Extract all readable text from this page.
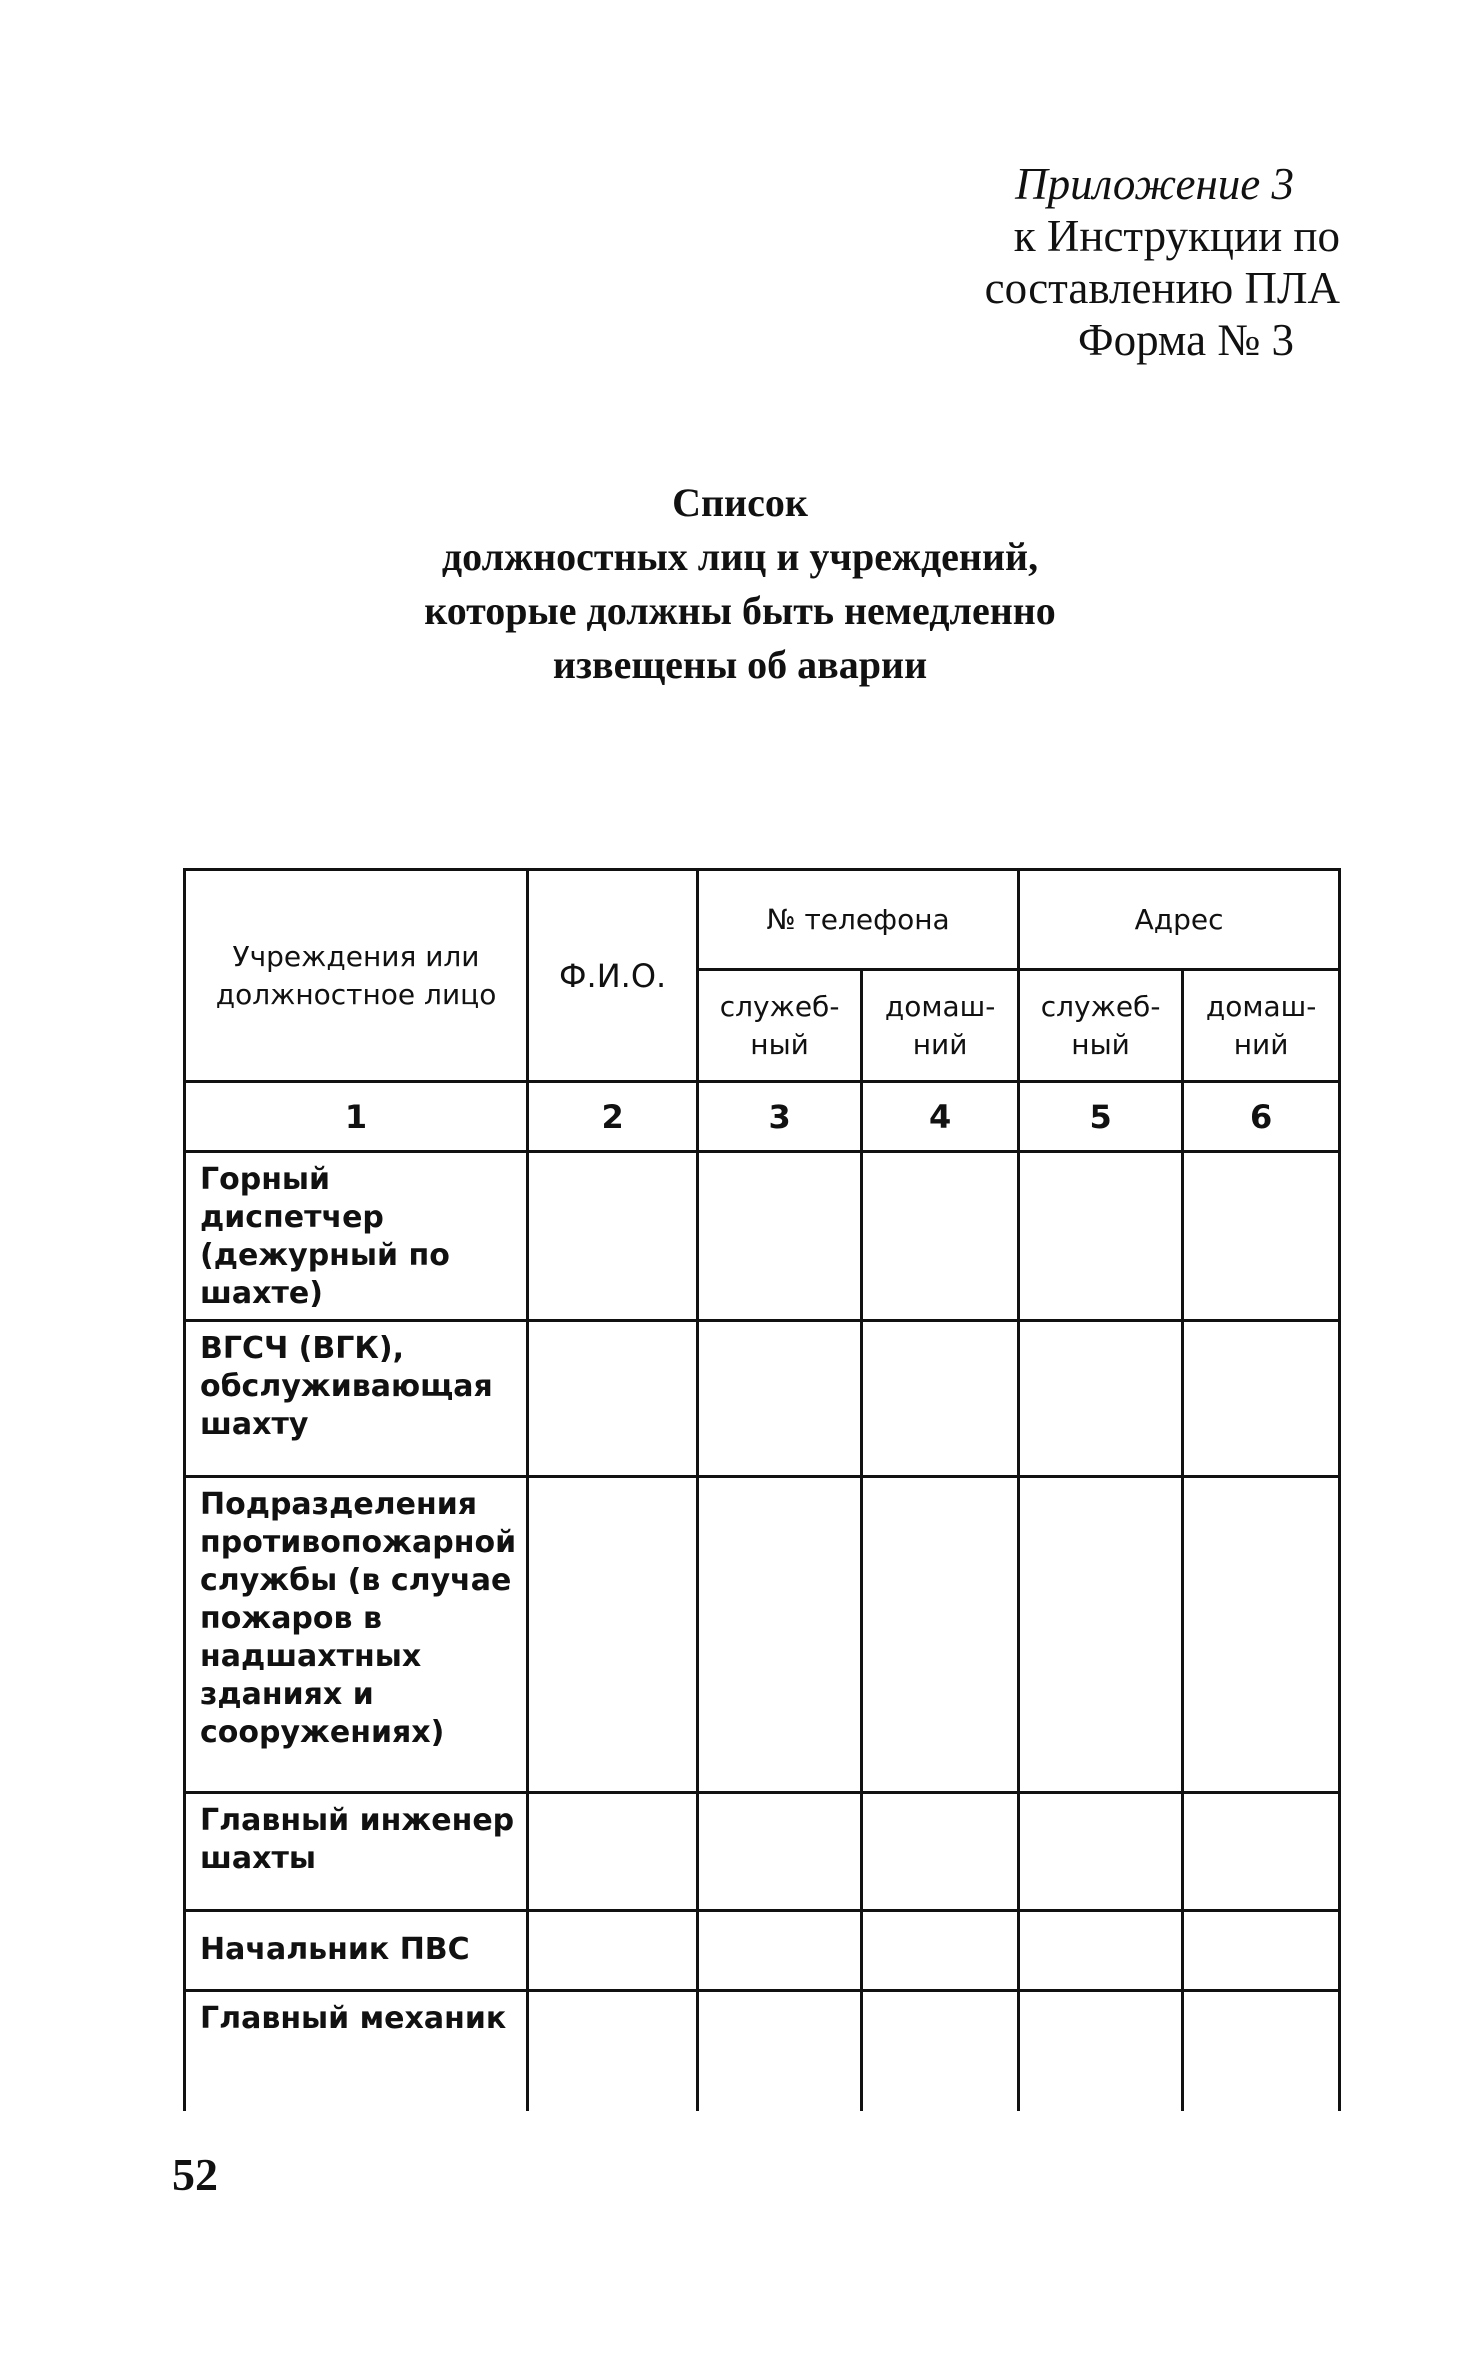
Приложение 3
к Инструкции по
составлению ПЛА
Форма № 3
Список
должностных лиц и учреждений,
которые должны быть немедленно
извещены об аварии
Учреждения или должностное лицо	Ф.И.О.	№ телефона		Адрес	
		служеб-ный	домаш-ний	служеб-ный	домаш-ний
1	2	3	4	5	6
Горный диспетчер (дежурный по шахте)					
ВГСЧ (ВГК), обслуживающая шахту					
Подразделения противопожарной службы (в случае пожаров в надшахтных зданиях и сооружениях)					
Главный инженер шахты					
Начальник ПВС					
Главный механик					
52
